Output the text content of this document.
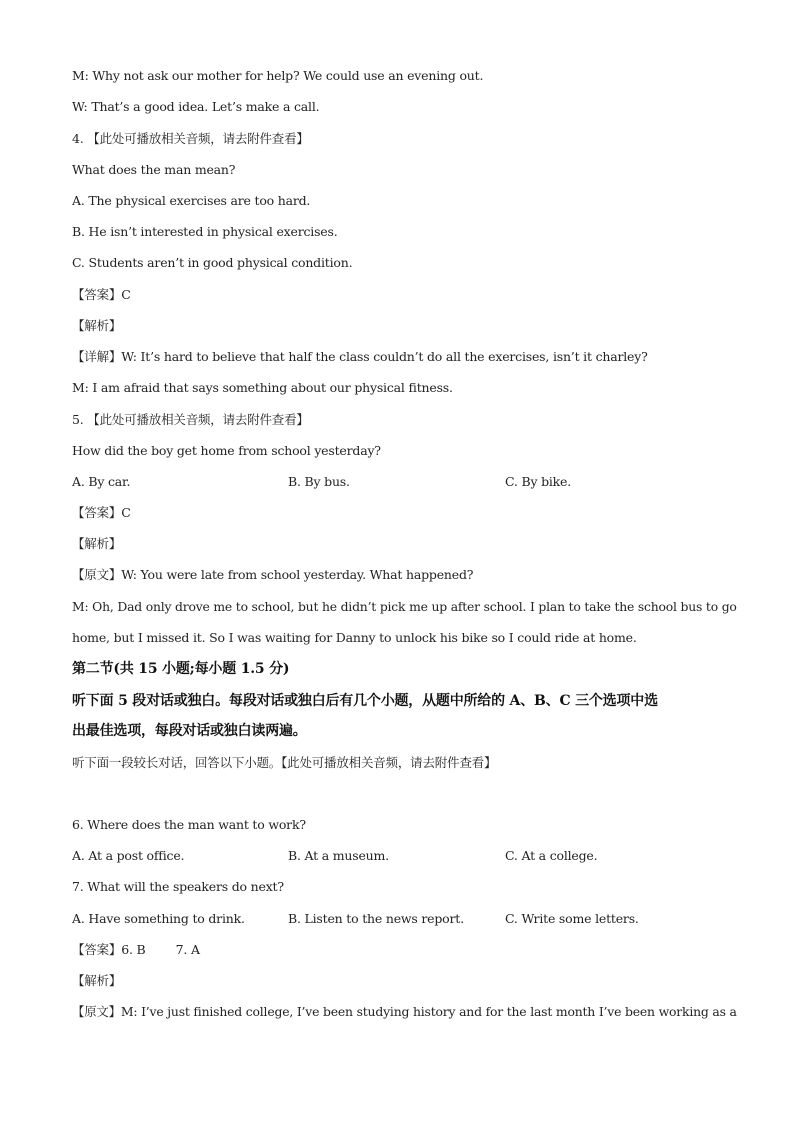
M: Why not ask our mother for help? We could use an evening out.
W: That’s a good idea. Let’s make a call.
4. 【此处可播放相关音频，请去附件查看】
What does the man mean?
A. The physical exercises are too hard.
B. He isn’t interested in physical exercises.
C. Students aren’t in good physical condition.
【答案】C
【解析】
【详解】W: It’s hard to believe that half the class couldn’t do all the exercises, isn’t it charley?
M: I am afraid that says something about our physical fitness.
5. 【此处可播放相关音频，请去附件查看】
How did the boy get home from school yesterday?
A. By car.	B. By bus.	C. By bike.
【答案】C
【解析】
【原文】W: You were late from school yesterday. What happened?
M: Oh, Dad only drove me to school, but he didn’t pick me up after school. I plan to take the school bus to go
home, but I missed it. So I was waiting for Danny to unlock his bike so I could ride at home.
第二节(共 15 小题;每小题 1.5 分)
听下面 5 段对话或独白。每段对话或独白后有几个小题，从题中所给的 A、B、C 三个选项中选
出最佳选项，每段对话或独白读两遍。
听下面一段较长对话，回答以下小题。【此处可播放相关音频，请去附件查看】
6. Where does the man want to work?
A. At a post office.	B. At a museum.	C. At a college.
7. What will the speakers do next?
A. Have something to drink.	B. Listen to the news report.	C. Write some letters.
【答案】6. B        7. A
【解析】
【原文】M: I’ve just finished college, I’ve been studying history and for the last month I’ve been working as a
